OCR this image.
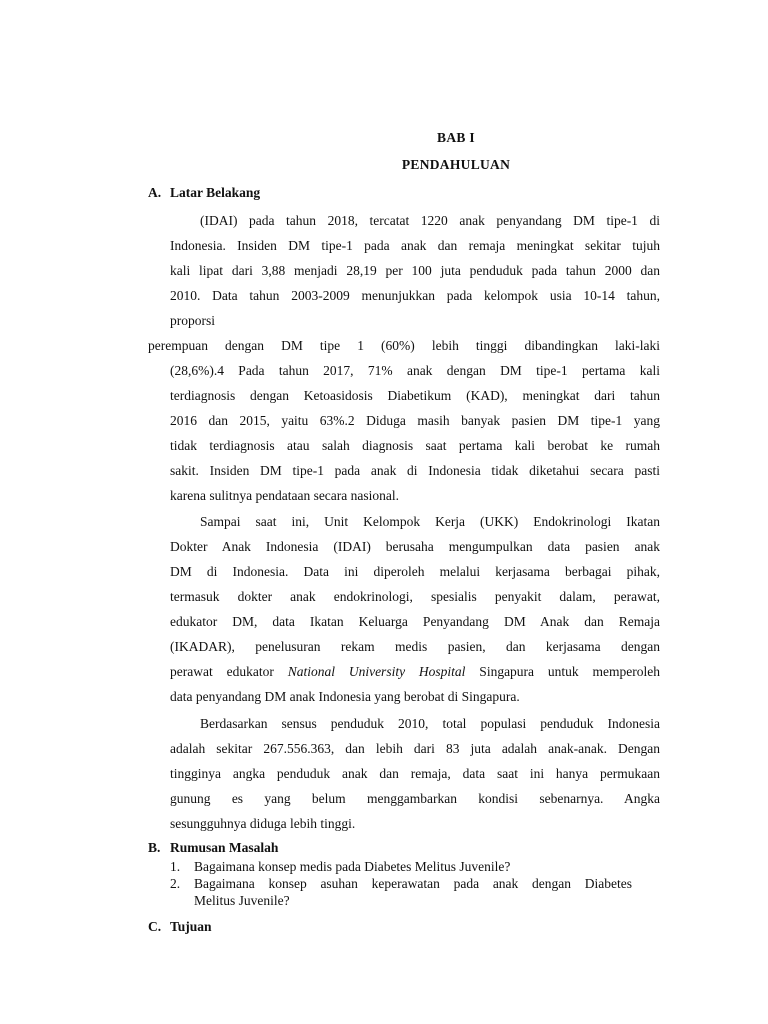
BAB I
PENDAHULUAN
A. Latar Belakang
(IDAI) pada tahun 2018, tercatat 1220 anak penyandang DM tipe-1 di
Indonesia. Insiden DM tipe-1 pada anak dan remaja meningkat sekitar tujuh
kali lipat dari 3,88 menjadi 28,19 per 100 juta penduduk pada tahun 2000 dan
2010. Data tahun 2003-2009 menunjukkan pada kelompok usia 10-14 tahun,
proporsi
perempuan dengan DM tipe 1 (60%) lebih tinggi dibandingkan laki-laki
(28,6%).4 Pada tahun 2017, 71% anak dengan DM tipe-1 pertama kali
terdiagnosis dengan Ketoasidosis Diabetikum (KAD), meningkat dari tahun
2016 dan 2015, yaitu 63%.2 Diduga masih banyak pasien DM tipe-1 yang
tidak terdiagnosis atau salah diagnosis saat pertama kali berobat ke rumah
sakit. Insiden DM tipe-1 pada anak di Indonesia tidak diketahui secara pasti
karena sulitnya pendataan secara nasional.
Sampai saat ini, Unit Kelompok Kerja (UKK) Endokrinologi Ikatan
Dokter Anak Indonesia (IDAI) berusaha mengumpulkan data pasien anak
DM di Indonesia. Data ini diperoleh melalui kerjasama berbagai pihak,
termasuk dokter anak endokrinologi, spesialis penyakit dalam, perawat,
edukator DM, data Ikatan Keluarga Penyandang DM Anak dan Remaja
(IKADAR), penelusuran rekam medis pasien, dan kerjasama dengan
perawat edukator National University Hospital Singapura untuk memperoleh
data penyandang DM anak Indonesia yang berobat di Singapura.
Berdasarkan sensus penduduk 2010, total populasi penduduk Indonesia
adalah sekitar 267.556.363, dan lebih dari 83 juta adalah anak-anak. Dengan
tingginya angka penduduk anak dan remaja, data saat ini hanya permukaan
gunung es yang belum menggambarkan kondisi sebenarnya. Angka
sesungguhnya diduga lebih tinggi.
B. Rumusan Masalah
1. Bagaimana konsep medis pada Diabetes Melitus Juvenile?
2. Bagaimana konsep asuhan keperawatan pada anak dengan Diabetes
Melitus Juvenile?
C. Tujuan
